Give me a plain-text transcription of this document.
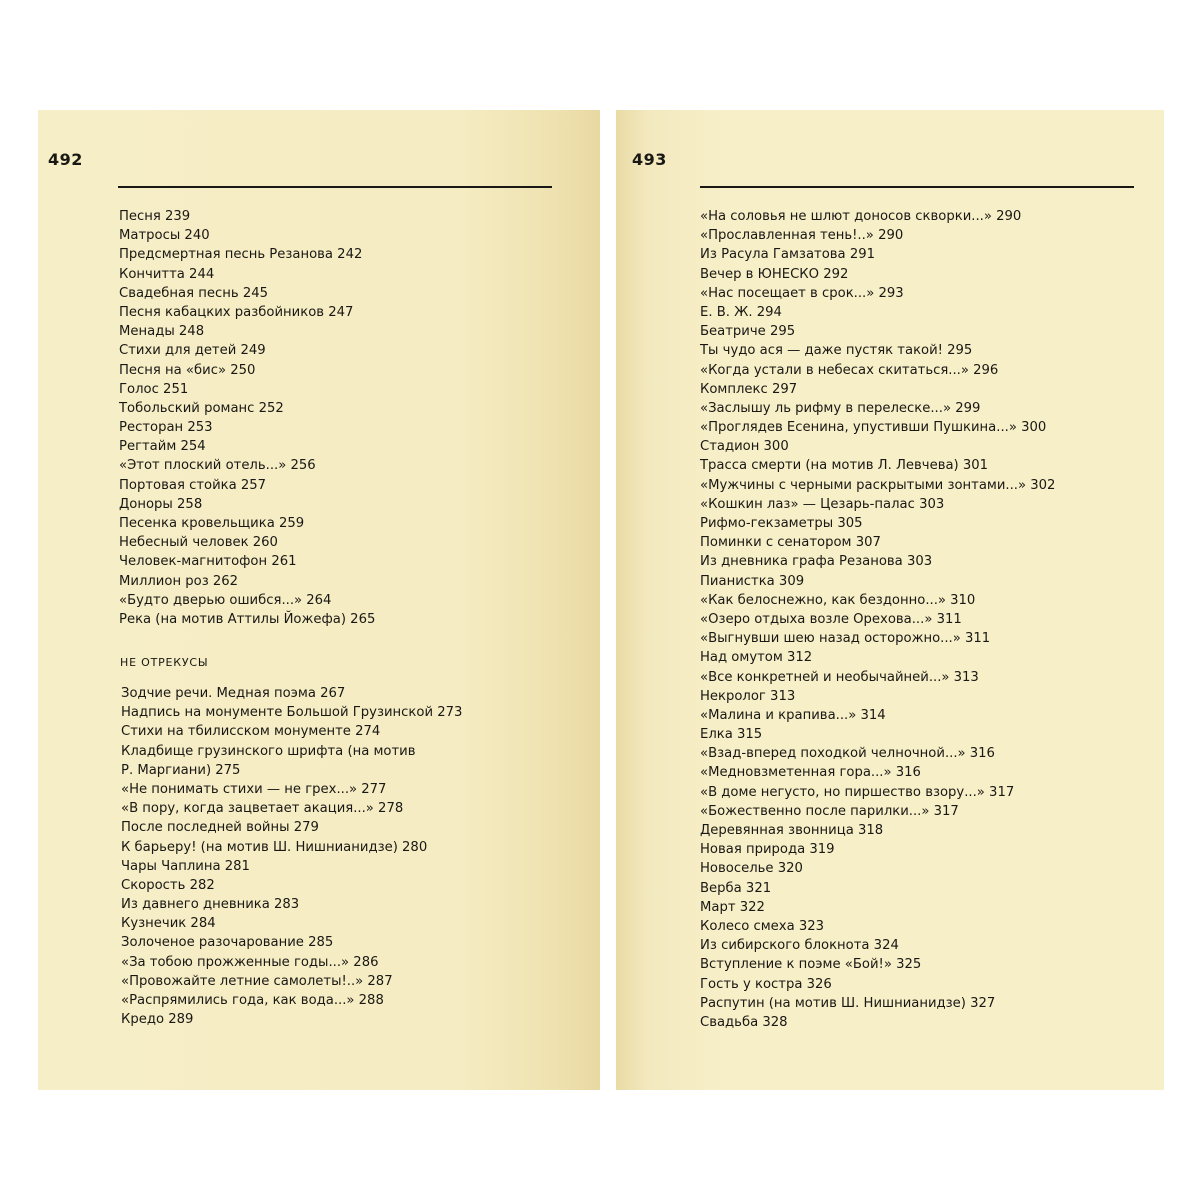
492
Песня 239
Матросы 240
Предсмертная песнь Резанова 242
Кончитта 244
Свадебная песнь 245
Песня кабацких разбойников 247
Менады 248
Стихи для детей 249
Песня на «бис» 250
Голос 251
Тобольский романс 252
Ресторан 253
Регтайм 254
«Этот плоский отель...» 256
Портовая стойка 257
Доноры 258
Песенка кровельщика 259
Небесный человек 260
Человек-магнитофон 261
Миллион роз 262
«Будто дверью ошибся...» 264
Река (на мотив Аттилы Йожефа) 265
НЕ ОТРЕКУСЫ
Зодчие речи. Медная поэма 267
Надпись на монументе Большой Грузинской 273
Стихи на тбилисском монументе 274
Кладбище грузинского шрифта (на мотив
Р. Маргиани) 275
«Не понимать стихи — не грех...» 277
«В пору, когда зацветает акация...» 278
После последней войны 279
К барьеру! (на мотив Ш. Нишнианидзе) 280
Чары Чаплина 281
Скорость 282
Из давнего дневника 283
Кузнечик 284
Золоченое разочарование 285
«За тобою прожженные годы...» 286
«Провожайте летние самолеты!..» 287
«Распрямились года, как вода...» 288
Кредо 289
493
«На соловья не шлют доносов скворки...» 290
«Прославленная тень!..» 290
Из Расула Гамзатова 291
Вечер в ЮНЕСКО 292
«Нас посещает в срок...» 293
Е. В. Ж. 294
Беатриче 295
Ты чудо ася — даже пустяк такой! 295
«Когда устали в небесах скитаться...» 296
Комплекс 297
«Заслышу ль рифму в перелеске...» 299
«Проглядев Есенина, упустивши Пушкина...» 300
Стадион 300
Трасса смерти (на мотив Л. Левчева) 301
«Мужчины с черными раскрытыми зонтами...» 302
«Кошкин лаз» — Цезарь-палас 303
Рифмо-гекзаметры 305
Поминки с сенатором 307
Из дневника графа Резанова 303
Пианистка 309
«Как белоснежно, как бездонно...» 310
«Озеро отдыха возле Орехова...» 311
«Выгнувши шею назад осторожно...» 311
Над омутом 312
«Все конкретней и необычайней...» 313
Некролог 313
«Малина и крапива...» 314
Елка 315
«Взад-вперед походкой челночной...» 316
«Медновзметенная гора...» 316
«В доме негусто, но пиршество взору...» 317
«Божественно после парилки...» 317
Деревянная звонница 318
Новая природа 319
Новоселье 320
Верба 321
Март 322
Колесо смеха 323
Из сибирского блокнота 324
Вступление к поэме «Бой!» 325
Гость у костра 326
Распутин (на мотив Ш. Нишнианидзе) 327
Свадьба 328
